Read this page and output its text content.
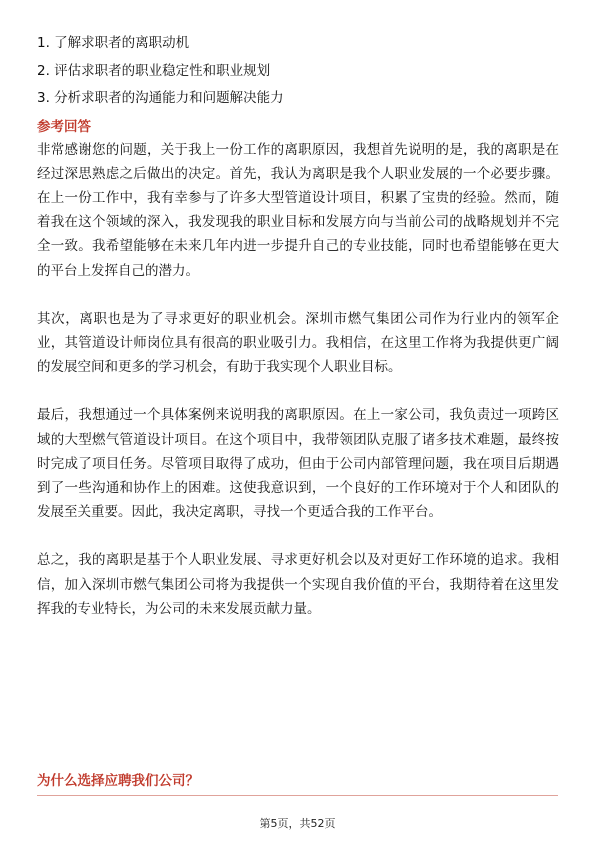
1. 了解求职者的离职动机

2. 评估求职者的职业稳定性和职业规划

3. 分析求职者的沟通能力和问题解决能力

参考回答

非常感谢您的问题，关于我上一份工作的离职原因，我想首先说明的是，我的离职是在经过深思熟虑之后做出的决定。首先，我认为离职是我个人职业发展的一个必要步骤。在上一份工作中，我有幸参与了许多大型管道设计项目，积累了宝贵的经验。然而，随着我在这个领域的深入，我发现我的职业目标和发展方向与当前公司的战略规划并不完全一致。我希望能够在未来几年内进一步提升自己的专业技能，同时也希望能够在更大的平台上发挥自己的潜力。

其次，离职也是为了寻求更好的职业机会。深圳市燃气集团公司作为行业内的领军企业，其管道设计师岗位具有很高的职业吸引力。我相信，在这里工作将为我提供更广阔的发展空间和更多的学习机会，有助于我实现个人职业目标。

最后，我想通过一个具体案例来说明我的离职原因。在上一家公司，我负责过一项跨区域的大型燃气管道设计项目。在这个项目中，我带领团队克服了诸多技术难题，最终按时完成了项目任务。尽管项目取得了成功，但由于公司内部管理问题，我在项目后期遇到了一些沟通和协作上的困难。这使我意识到，一个良好的工作环境对于个人和团队的发展至关重要。因此，我决定离职，寻找一个更适合我的工作平台。

总之，我的离职是基于个人职业发展、寻求更好机会以及对更好工作环境的追求。我相信，加入深圳市燃气集团公司将为我提供一个实现自我价值的平台，我期待着在这里发挥我的专业特长，为公司的未来发展贡献力量。

为什么选择应聘我们公司？
第5页，共52页
